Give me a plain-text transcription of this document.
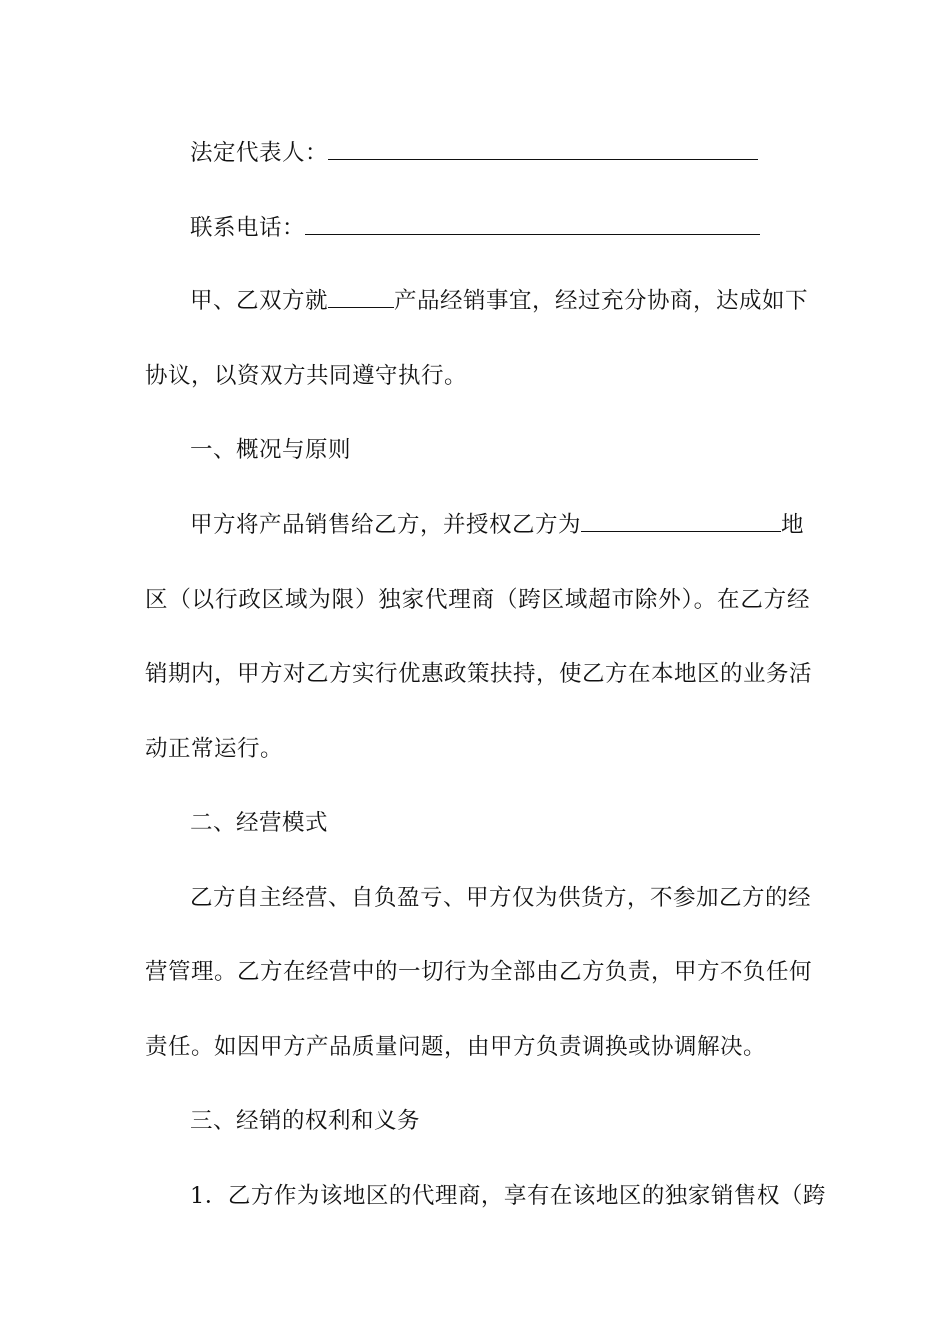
法定代表人：
联系电话：
甲、乙双方就	产品经销事宜，经过充分协商，达成如下
协议，以资双方共同遵守执行。
一、概况与原则
甲方将产品销售给乙方，并授权乙方为	地
区（以行政区域为限）独家代理商（跨区域超市除外）。在乙方经
销期内，甲方对乙方实行优惠政策扶持，使乙方在本地区的业务活
动正常运行。
二、经营模式
乙方自主经营、自负盈亏、甲方仅为供货方，不参加乙方的经
营管理。乙方在经营中的一切行为全部由乙方负责，甲方不负任何
责任。如因甲方产品质量问题，由甲方负责调换或协调解决。
三、经销的权利和义务
1．乙方作为该地区的代理商，享有在该地区的独家销售权（跨
